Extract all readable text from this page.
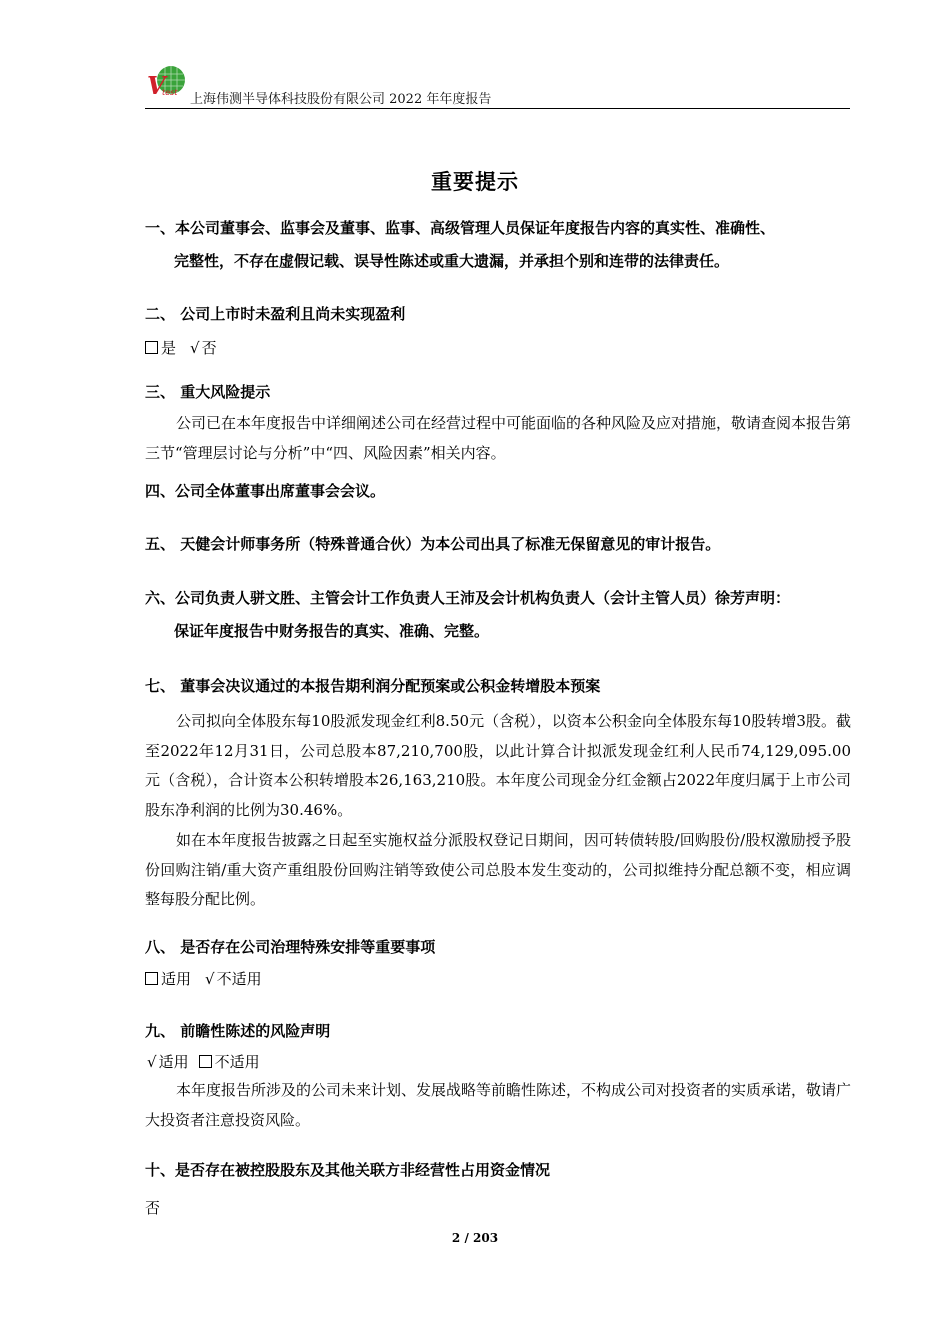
V
test 上海伟测半导体科技股份有限公司 2022 年年度报告
重要提示
一、本公司董事会、监事会及董事、监事、高级管理人员保证年度报告内容的真实性、准确性、
完整性，不存在虚假记载、误导性陈述或重大遗漏，并承担个别和连带的法律责任。
二、 公司上市时未盈利且尚未实现盈利
是 √ 否
三、 重大风险提示
公司已在本年度报告中详细阐述公司在经营过程中可能面临的各种风险及应对措施，敬请查阅本报告第三节“管理层讨论与分析”中“四、风险因素”相关内容。
四、公司全体董事出席董事会会议。
五、 天健会计师事务所（特殊普通合伙）为本公司出具了标准无保留意见的审计报告。
六、公司负责人骈文胜、主管会计工作负责人王沛及会计机构负责人（会计主管人员）徐芳声明：
保证年度报告中财务报告的真实、准确、完整。
七、 董事会决议通过的本报告期利润分配预案或公积金转增股本预案
公司拟向全体股东每10股派发现金红利8.50元（含税），以资本公积金向全体股东每10股转增3股。截至2022年12月31日，公司总股本87,210,700股，以此计算合计拟派发现金红利人民币74,129,095.00元（含税），合计资本公积转增股本26,163,210股。本年度公司现金分红金额占2022年度归属于上市公司股东净利润的比例为30.46%。
如在本年度报告披露之日起至实施权益分派股权登记日期间，因可转债转股/回购股份/股权激励授予股份回购注销/重大资产重组股份回购注销等致使公司总股本发生变动的，公司拟维持分配总额不变，相应调整每股分配比例。
八、 是否存在公司治理特殊安排等重要事项
适用 √ 不适用
九、 前瞻性陈述的风险声明
√ 适用 不适用
本年度报告所涉及的公司未来计划、发展战略等前瞻性陈述，不构成公司对投资者的实质承诺，敬请广大投资者注意投资风险。
十、是否存在被控股股东及其他关联方非经营性占用资金情况
否
2 / 203
